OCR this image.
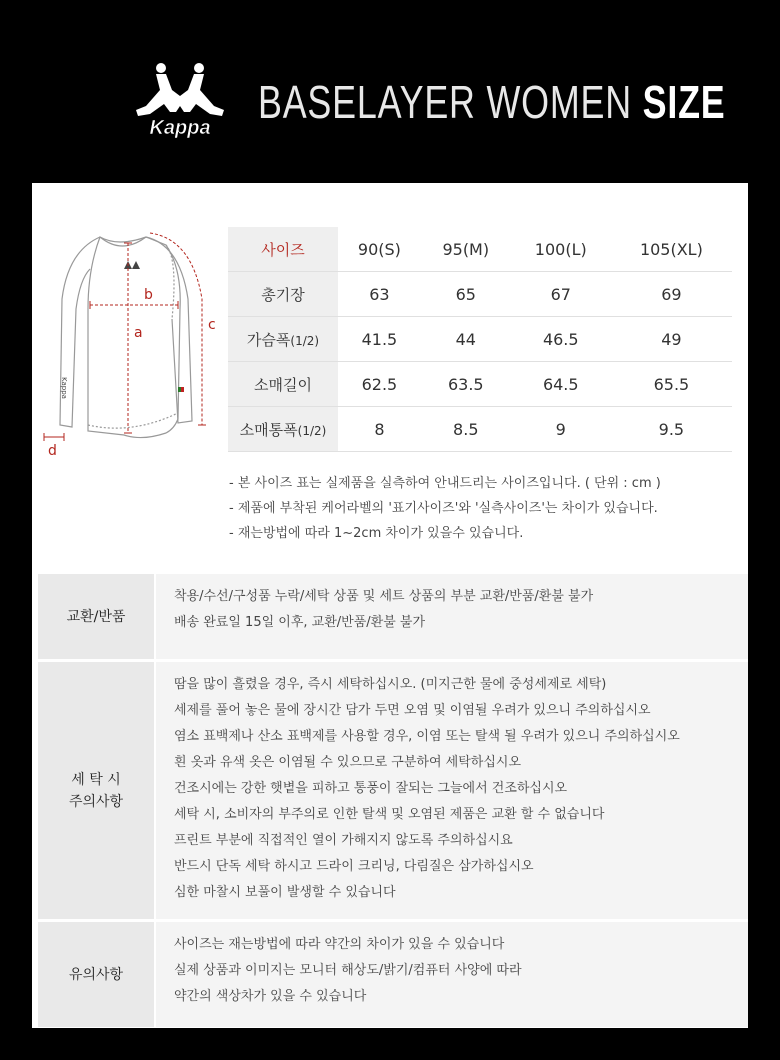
Kappa BASELAYER WOMEN SIZE
Kappa
a
b
c
d
사이즈	90(S)	95(M)	100(L)	105(XL)
총기장	63	65	67	69
가슴폭(1/2)	41.5	44	46.5	49
소매길이	62.5	63.5	64.5	65.5
소매통폭(1/2)	8	8.5	9	9.5
- 본 사이즈 표는 실제품을 실측하여 안내드리는 사이즈입니다. ( 단위 : cm )
- 제품에 부착된 케어라벨의 '표기사이즈'와 '실측사이즈'는 차이가 있습니다.
- 재는방법에 따라 1~2cm 차이가 있을수 있습니다.
교환/반품
착용/수선/구성품 누락/세탁 상품 및 세트 상품의 부분 교환/반품/환불 불가
배송 완료일 15일 이후, 교환/반품/환불 불가
세 탁 시
주의사항
땀을 많이 흘렸을 경우, 즉시 세탁하십시오. (미지근한 물에 중성세제로 세탁)
세제를 풀어 놓은 물에 장시간 담가 두면 오염 및 이염될 우려가 있으니 주의하십시오
염소 표백제나 산소 표백제를 사용할 경우, 이염 또는 탈색 될 우려가 있으니 주의하십시오
흰 옷과 유색 옷은 이염될 수 있으므로 구분하여 세탁하십시오
건조시에는 강한 햇볕을 피하고 통풍이 잘되는 그늘에서 건조하십시오
세탁 시, 소비자의 부주의로 인한 탈색 및 오염된 제품은 교환 할 수 없습니다
프린트 부분에 직접적인 열이 가해지지 않도록 주의하십시요
반드시 단독 세탁 하시고 드라이 크리닝, 다림질은 삼가하십시오
심한 마찰시 보풀이 발생할 수 있습니다
유의사항
사이즈는 재는방법에 따라 약간의 차이가 있을 수 있습니다
실제 상품과 이미지는 모니터 해상도/밝기/컴퓨터 사양에 따라
약간의 색상차가 있을 수 있습니다
